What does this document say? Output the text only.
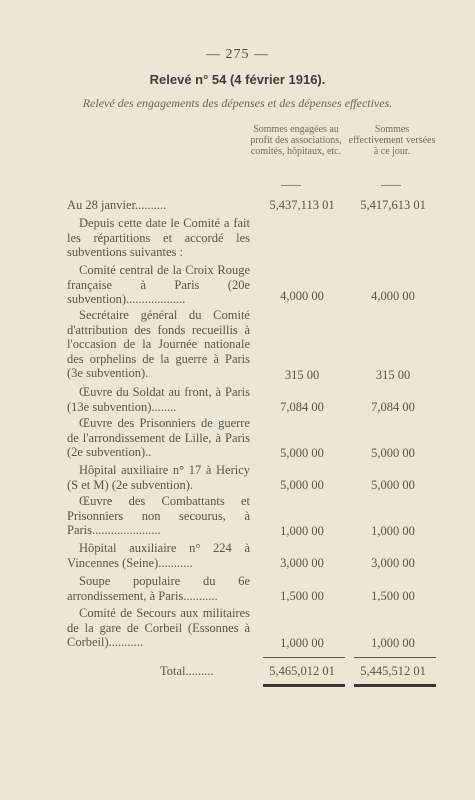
— 275 —
Relevé n° 54 (4 février 1916).
Relevé des engagements des dépenses et des dépenses effectives.
Sommes engagées au profit des associations, comités, hôpitaux, etc.
Sommes effectivement versées à ce jour.
Au 28 janvier..........	5,437,113 01	5,417,613 01
Depuis cette date le Comité a fait les répartitions et accordé les subventions suivantes :
Comité central de la Croix Rouge française à Paris (20e subvention)...................	4,000 00	4,000 00
Secrétaire général du Comité d'attribution des fonds recueillis à l'occasion de la Journée nationale des orphelins de la guerre à Paris (3e subvention).	315 00	315 00
Œuvre du Soldat au front, à Paris (13e subvention)........	7,084 00	7,084 00
Œuvre des Prisonniers de guerre de l'arrondissement de Lille, à Paris (2e subvention)..	5,000 00	5,000 00
Hôpital auxiliaire n° 17 à Hericy (S et M) (2e subvention).	5,000 00	5,000 00
Œuvre des Combattants et Prisonniers non secourus, à Paris......................	1,000 00	1,000 00
Hôpital auxiliaire n° 224 à Vincennes (Seine)...........	3,000 00	3,000 00
Soupe populaire du 6e arrondissement, à Paris...........	1,500 00	1,500 00
Comité de Secours aux militaires de la gare de Corbeil (Essonnes à Corbeil)...........	1,000 00	1,000 00
Total.........	5,465,012 01	5,445,512 01
